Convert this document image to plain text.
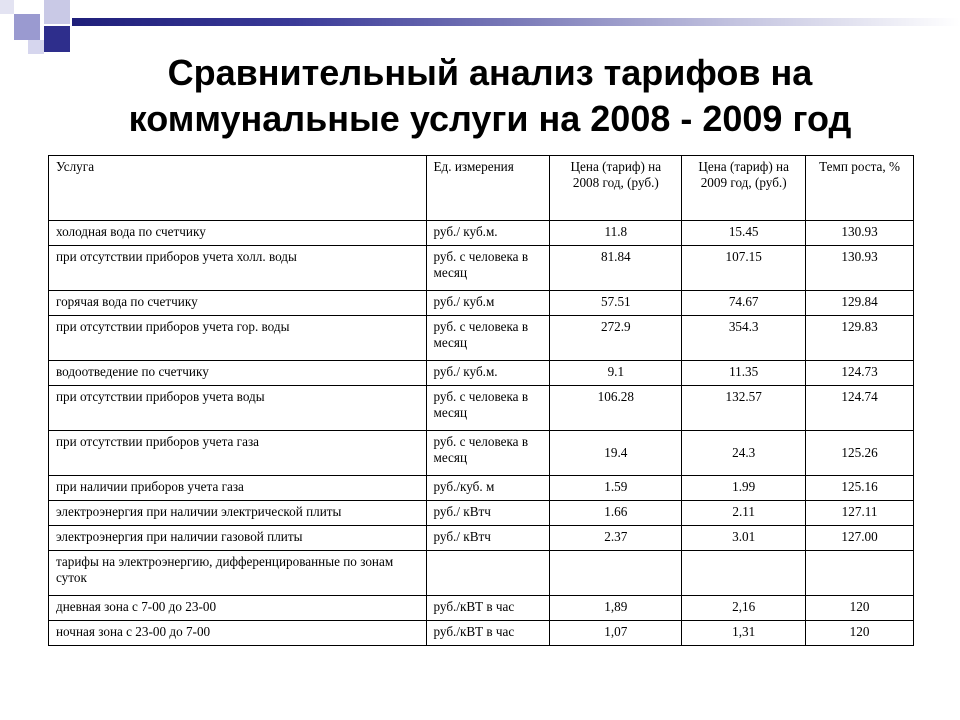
Сравнительный анализ тарифов на
коммунальные услуги на 2008 - 2009 год
Услуга	Ед. измерения	Цена (тариф) на 2008 год, (руб.)	Цена (тариф) на 2009 год, (руб.)	Темп роста, %
холодная вода по счетчику	руб./ куб.м.	11.8	15.45	130.93
при отсутствии приборов учета холл. воды	руб. с человека в месяц	81.84	107.15	130.93
горячая вода по счетчику	руб./ куб.м	57.51	74.67	129.84
при отсутствии приборов учета гор. воды	руб. с человека в месяц	272.9	354.3	129.83
водоотведение по счетчику	руб./ куб.м.	9.1	11.35	124.73
при отсутствии приборов учета воды	руб. с человека в месяц	106.28	132.57	124.74
при отсутствии приборов учета газа	руб. с человека в месяц	19.4	24.3	125.26
при наличии приборов учета газа	руб./куб. м	1.59	1.99	125.16
электроэнергия при наличии электрической плиты	руб./ кВтч	1.66	2.11	127.11
электроэнергия при наличии газовой плиты	руб./ кВтч	2.37	3.01	127.00
тарифы на электроэнергию, дифференцированные по зонам суток				
дневная зона с 7-00 до 23-00	руб./кВТ в час	1,89	2,16	120
ночная зона с 23-00 до 7-00	руб./кВТ в час	1,07	1,31	120
